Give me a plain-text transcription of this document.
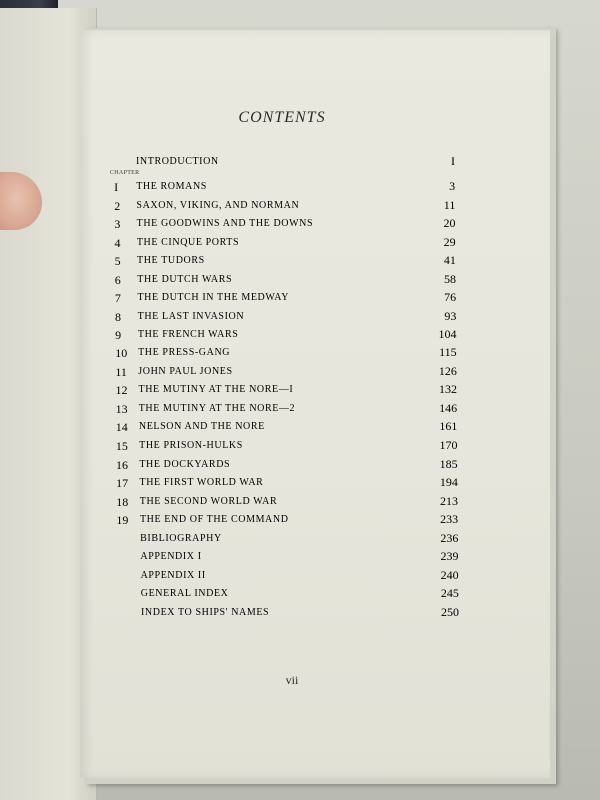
CONTENTS
CHAPTER
INTRODUCTION	I
I	THE ROMANS	3
2	SAXON, VIKING, AND NORMAN	11
3	THE GOODWINS AND THE DOWNS	20
4	THE CINQUE PORTS	29
5	THE TUDORS	41
6	THE DUTCH WARS	58
7	THE DUTCH IN THE MEDWAY	76
8	THE LAST INVASION	93
9	THE FRENCH WARS	104
10	THE PRESS-GANG	115
11	JOHN PAUL JONES	126
12	THE MUTINY AT THE NORE—I	132
13	THE MUTINY AT THE NORE—2	146
14	NELSON AND THE NORE	161
15	THE PRISON-HULKS	170
16	THE DOCKYARDS	185
17	THE FIRST WORLD WAR	194
18	THE SECOND WORLD WAR	213
19	THE END OF THE COMMAND	233
BIBLIOGRAPHY	236
APPENDIX I	239
APPENDIX II	240
GENERAL INDEX	245
INDEX TO SHIPS' NAMES	250
vii
